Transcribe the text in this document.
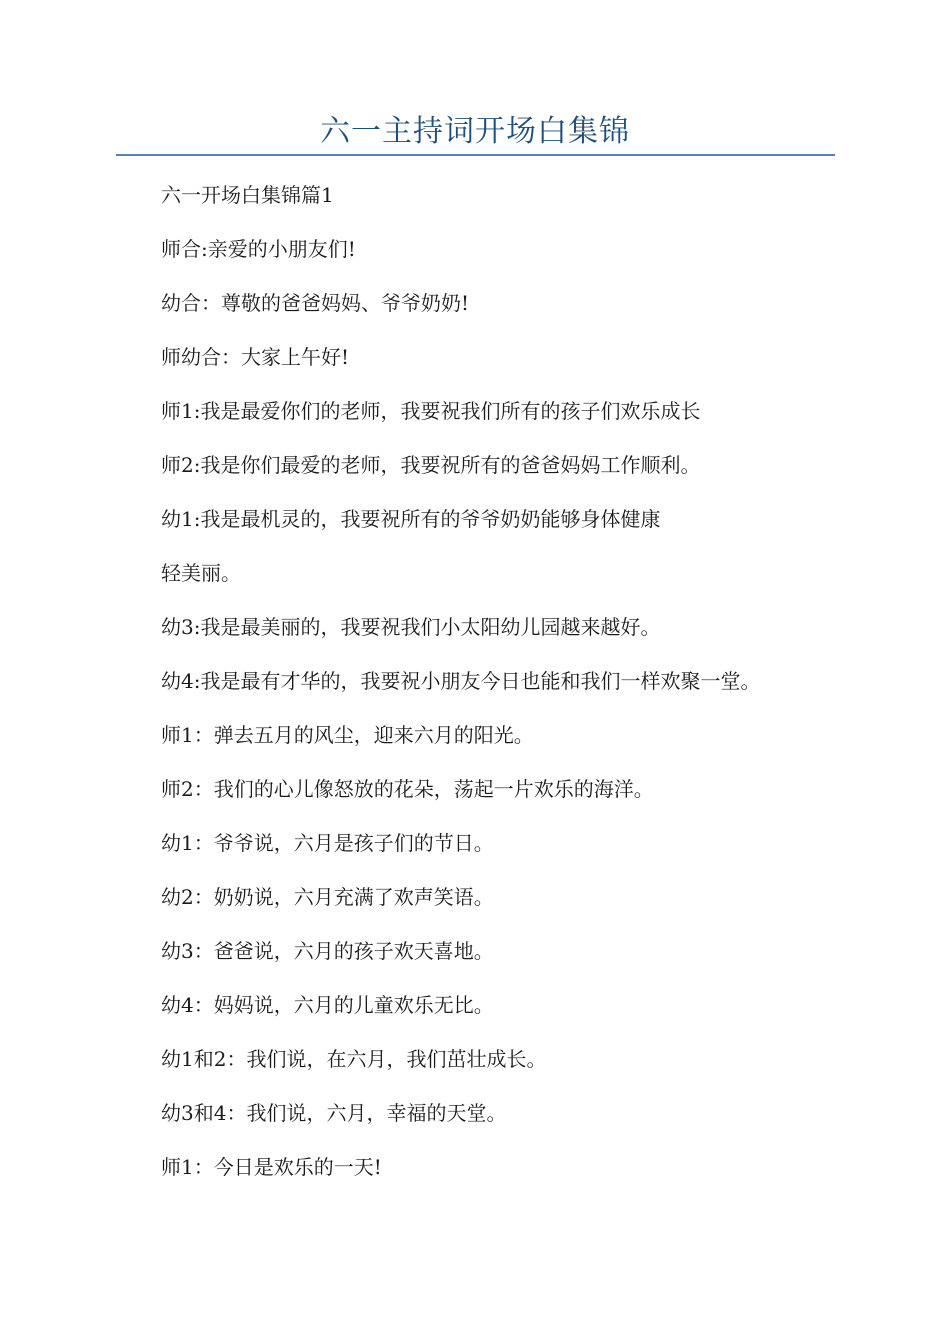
六一主持词开场白集锦

六一开场白集锦篇1

师合:亲爱的小朋友们!

幼合：尊敬的爸爸妈妈、爷爷奶奶!

师幼合：大家上午好!

师1:我是最爱你们的老师，我要祝我们所有的孩子们欢乐成长

师2:我是你们最爱的老师，我要祝所有的爸爸妈妈工作顺利。

幼1:我是最机灵的，我要祝所有的爷爷奶奶能够身体健康

轻美丽。

幼3:我是最美丽的，我要祝我们小太阳幼儿园越来越好。

幼4:我是最有才华的，我要祝小朋友今日也能和我们一样欢聚一堂。

师1：弹去五月的风尘，迎来六月的阳光。

师2：我们的心儿像怒放的花朵，荡起一片欢乐的海洋。

幼1：爷爷说，六月是孩子们的节日。

幼2：奶奶说，六月充满了欢声笑语。

幼3：爸爸说，六月的孩子欢天喜地。

幼4：妈妈说，六月的儿童欢乐无比。

幼1和2：我们说，在六月，我们茁壮成长。

幼3和4：我们说，六月，幸福的天堂。

师1：今日是欢乐的一天!
